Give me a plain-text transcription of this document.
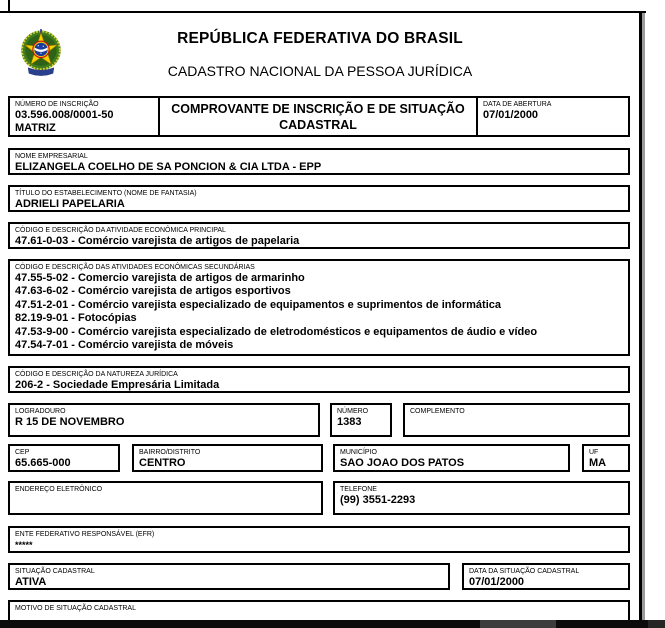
REPÚBLICA FEDERATIVA DO BRASIL
CADASTRO NACIONAL DA PESSOA JURÍDICA
NÚMERO DE INSCRIÇÃO
03.596.008/0001-50
MATRIZ
COMPROVANTE DE INSCRIÇÃO E DE SITUAÇÃO CADASTRAL
DATA DE ABERTURA
07/01/2000
NOME EMPRESARIAL
ELIZANGELA COELHO DE SA PONCION & CIA LTDA - EPP
TÍTULO DO ESTABELECIMENTO (NOME DE FANTASIA)
ADRIELI PAPELARIA
CÓDIGO E DESCRIÇÃO DA ATIVIDADE ECONÔMICA PRINCIPAL
47.61-0-03 - Comércio varejista de artigos de papelaria
CÓDIGO E DESCRIÇÃO DAS ATIVIDADES ECONÔMICAS SECUNDÁRIAS
47.55-5-02 - Comercio varejista de artigos de armarinho
47.63-6-02 - Comércio varejista de artigos esportivos
47.51-2-01 - Comércio varejista especializado de equipamentos e suprimentos de informática
82.19-9-01 - Fotocópias
47.53-9-00 - Comércio varejista especializado de eletrodomésticos e equipamentos de áudio e vídeo
47.54-7-01 - Comércio varejista de móveis
CÓDIGO E DESCRIÇÃO DA NATUREZA JURÍDICA
206-2 - Sociedade Empresária Limitada
LOGRADOURO
R 15 DE NOVEMBRO
NÚMERO
1383
COMPLEMENTO
CEP
65.665-000
BAIRRO/DISTRITO
CENTRO
MUNICÍPIO
SAO JOAO DOS PATOS
UF
MA
ENDEREÇO ELETRÔNICO	TELEFONE
(99) 3551-2293
ENTE FEDERATIVO RESPONSÁVEL (EFR)
*****
SITUAÇÃO CADASTRAL
ATIVA
DATA DA SITUAÇÃO CADASTRAL
07/01/2000
MOTIVO DE SITUAÇÃO CADASTRAL
